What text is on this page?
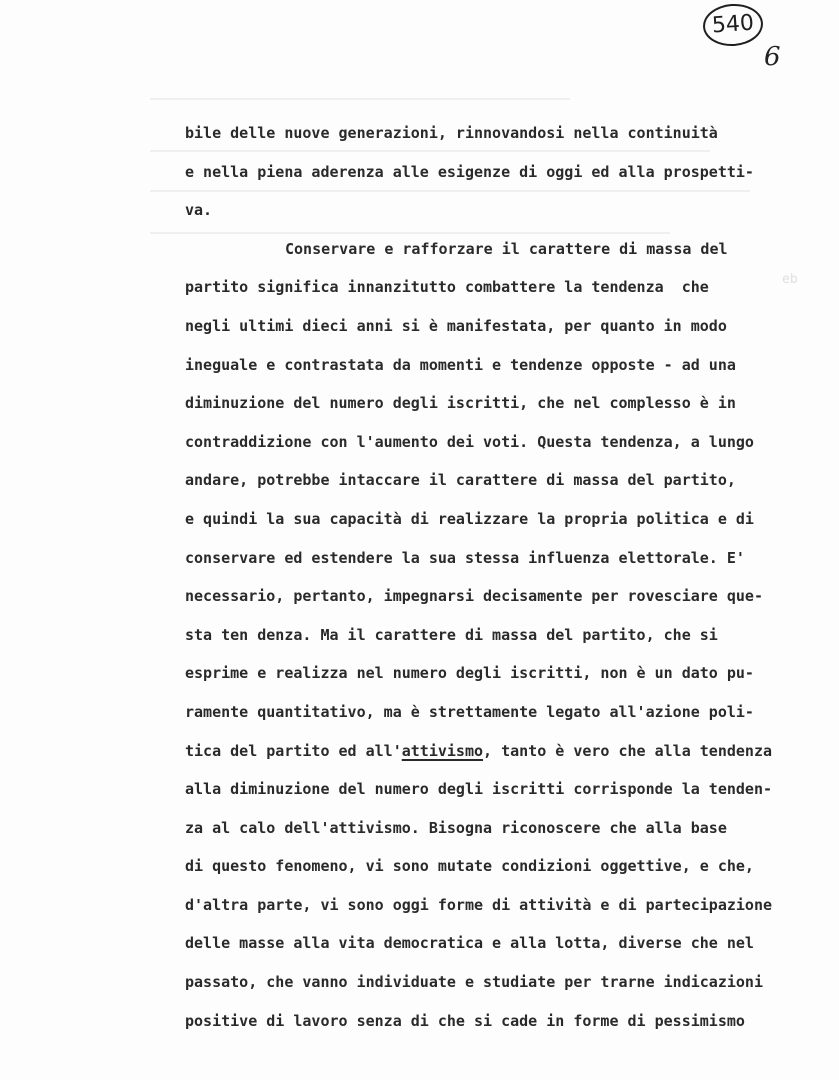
540
6
eb
bile delle nuove generazioni, rinnovandosi nella continuità
e nella piena aderenza alle esigenze di oggi ed alla prospetti-
va.
Conservare e rafforzare il carattere di massa del
partito significa innanzitutto combattere la tendenza  che
negli ultimi dieci anni si è manifestata, per quanto in modo
ineguale e contrastata da momenti e tendenze opposte - ad una
diminuzione del numero degli iscritti, che nel complesso è in
contraddizione con l'aumento dei voti. Questa tendenza, a lungo
andare, potrebbe intaccare il carattere di massa del partito,
e quindi la sua capacità di realizzare la propria politica e di
conservare ed estendere la sua stessa influenza elettorale. E'
necessario, pertanto, impegnarsi decisamente per rovesciare que-
sta ten denza. Ma il carattere di massa del partito, che si
esprime e realizza nel numero degli iscritti, non è un dato pu-
ramente quantitativo, ma è strettamente legato all'azione poli-
tica del partito ed all'attivismo, tanto è vero che alla tendenza
alla diminuzione del numero degli iscritti corrisponde la tenden-
za al calo dell'attivismo. Bisogna riconoscere che alla base
di questo fenomeno, vi sono mutate condizioni oggettive, e che,
d'altra parte, vi sono oggi forme di attività e di partecipazione
delle masse alla vita democratica e alla lotta, diverse che nel
passato, che vanno individuate e studiate per trarne indicazioni
positive di lavoro senza di che si cade in forme di pessimismo
